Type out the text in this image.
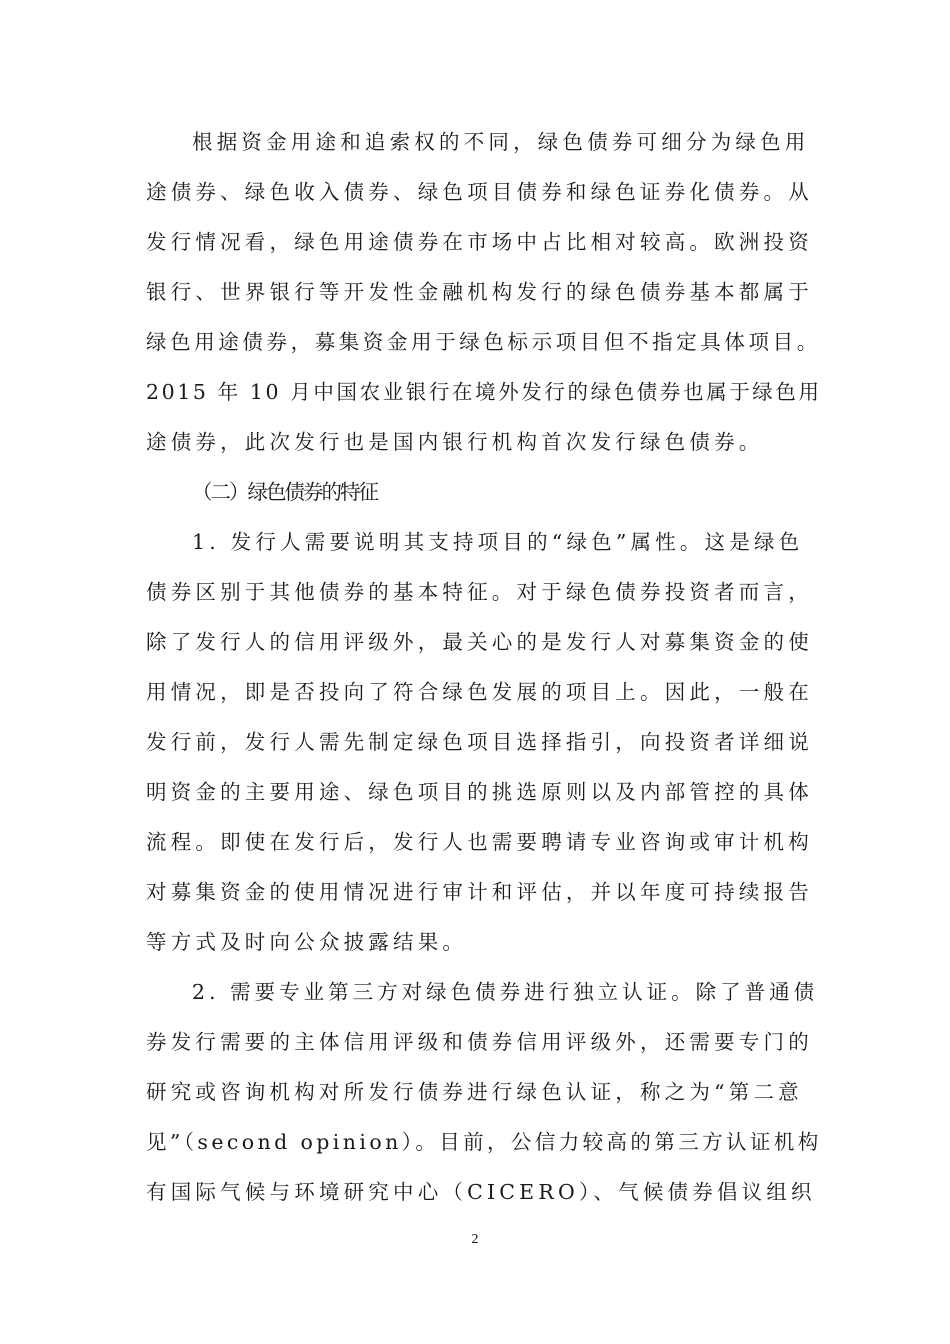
根据资金用途和追索权的不同，绿色债券可细分为绿色用
途债券、绿色收入债券、绿色项目债券和绿色证券化债券。从
发行情况看，绿色用途债券在市场中占比相对较高。欧洲投资
银行、世界银行等开发性金融机构发行的绿色债券基本都属于
绿色用途债券，募集资金用于绿色标示项目但不指定具体项目。
2015 年 10 月中国农业银行在境外发行的绿色债券也属于绿色用
途债券，此次发行也是国内银行机构首次发行绿色债券。
（二）绿色债券的特征
1. 发行人需要说明其支持项目的“绿色”属性。这是绿色
债券区别于其他债券的基本特征。对于绿色债券投资者而言，
除了发行人的信用评级外，最关心的是发行人对募集资金的使
用情况，即是否投向了符合绿色发展的项目上。因此，一般在
发行前，发行人需先制定绿色项目选择指引，向投资者详细说
明资金的主要用途、绿色项目的挑选原则以及内部管控的具体
流程。即使在发行后，发行人也需要聘请专业咨询或审计机构
对募集资金的使用情况进行审计和评估，并以年度可持续报告
等方式及时向公众披露结果。
2. 需要专业第三方对绿色债券进行独立认证。除了普通债
券发行需要的主体信用评级和债券信用评级外，还需要专门的
研究或咨询机构对所发行债券进行绿色认证，称之为“第二意
见”（second opinion）。目前，公信力较高的第三方认证机构
有国际气候与环境研究中心（CICERO）、气候债券倡议组织
2
